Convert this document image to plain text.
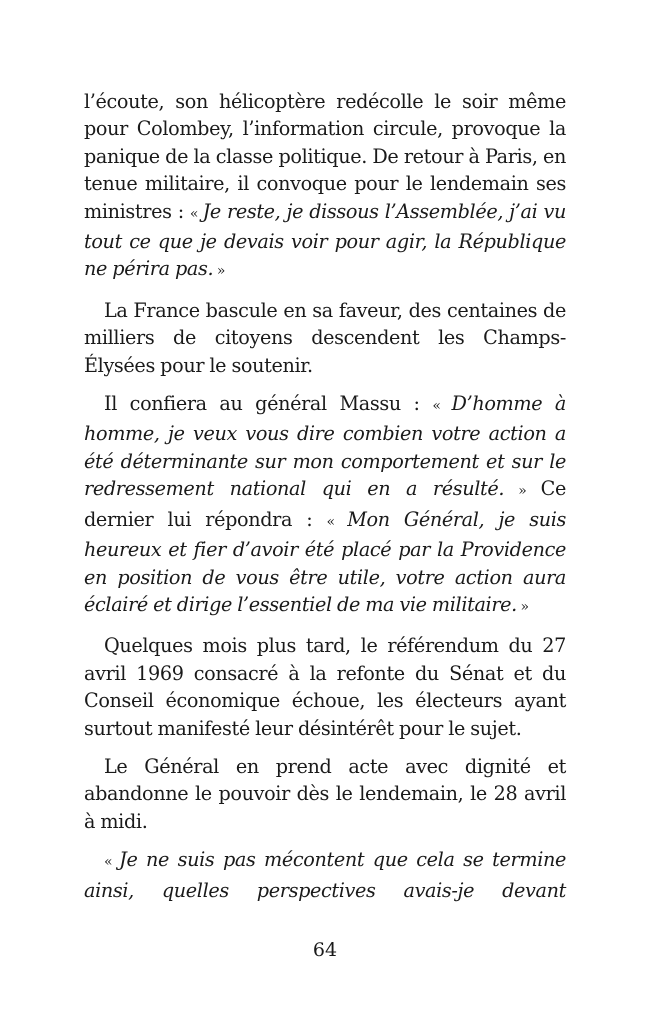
l’écoute, son hélicoptère redécolle le soir même pour Colombey, l’information circule, provoque la panique de la classe politique. De retour à Paris, en tenue militaire, il convoque pour le lendemain ses ministres : « Je reste, je dissous l’Assemblée, j’ai vu tout ce que je devais voir pour agir, la République ne périra pas. »

La France bascule en sa faveur, des centaines de milliers de citoyens descendent les Champs-Élysées pour le soutenir.

Il confiera au général Massu : « D’homme à homme, je veux vous dire combien votre action a été déterminante sur mon comportement et sur le redressement national qui en a résulté. » Ce dernier lui répondra : « Mon Général, je suis heureux et fier d’avoir été placé par la Providence en position de vous être utile, votre action aura éclairé et dirige l’essentiel de ma vie militaire. »

Quelques mois plus tard, le référendum du 27 avril 1969 consacré à la refonte du Sénat et du Conseil économique échoue, les électeurs ayant surtout manifesté leur désintérêt pour le sujet.

Le Général en prend acte avec dignité et abandonne le pouvoir dès le lendemain, le 28 avril à midi.

« Je ne suis pas mécontent que cela se termine ainsi, quelles perspectives avais-je devant

64
